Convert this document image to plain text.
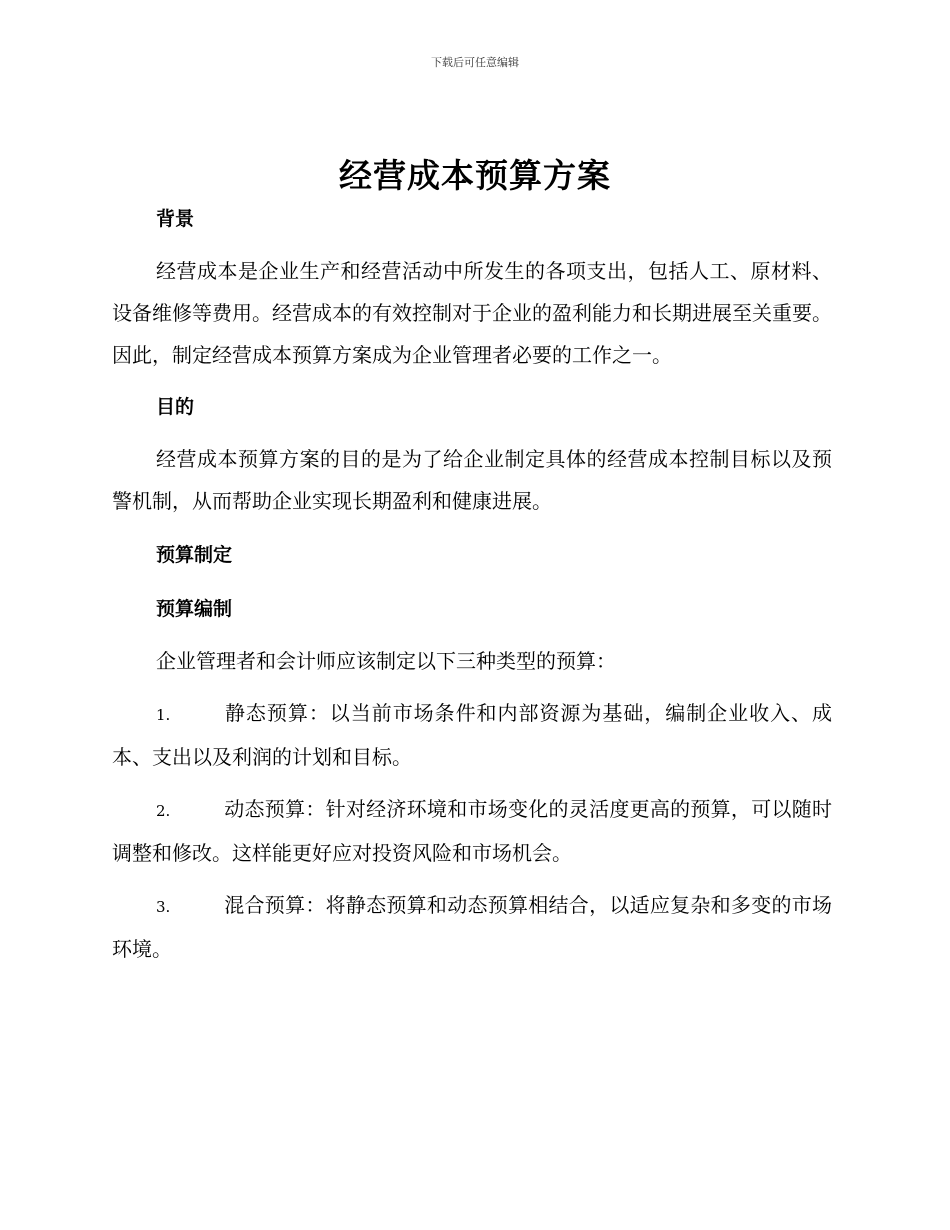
下载后可任意编辑
经营成本预算方案
背景

经营成本是企业生产和经营活动中所发生的各项支出，包括人工、原材料、设备维修等费用。经营成本的有效控制对于企业的盈利能力和长期进展至关重要。因此，制定经营成本预算方案成为企业管理者必要的工作之一。

目的

经营成本预算方案的目的是为了给企业制定具体的经营成本控制目标以及预警机制，从而帮助企业实现长期盈利和健康进展。

预算制定
预算编制

企业管理者和会计师应该制定以下三种类型的预算：

1.	静态预算：以当前市场条件和内部资源为基础，编制企业收入、成本、支出以及利润的计划和目标。

2.	动态预算：针对经济环境和市场变化的灵活度更高的预算，可以随时调整和修改。这样能更好应对投资风险和市场机会。

3.	混合预算：将静态预算和动态预算相结合，以适应复杂和多变的市场环境。
